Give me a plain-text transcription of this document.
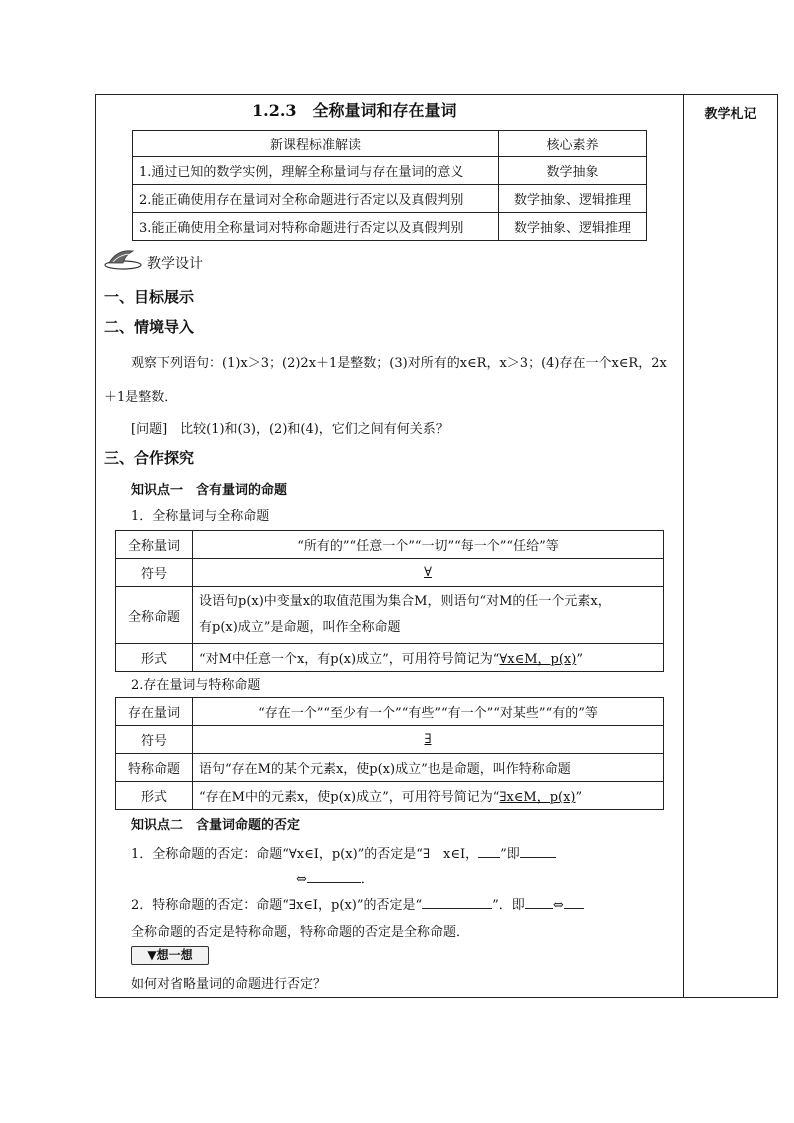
教学札记
1.2.3　全称量词和存在量词
新课程标准解读	核心素养
1.通过已知的数学实例，理解全称量词与存在量词的意义	数学抽象
2.能正确使用存在量词对全称命题进行否定以及真假判别	数学抽象、逻辑推理
3.能正确使用全称量词对特称命题进行否定以及真假判别	数学抽象、逻辑推理
教学设计
一、目标展示
二、情境导入
观察下列语句：(1)x＞3；(2)2x＋1是整数；(3)对所有的x∈R，x＞3；(4)存在一个x∈R，2x
＋1是整数．
[问题]　比较(1)和(3)，(2)和(4)，它们之间有何关系？
三、合作探究
知识点一　含有量词的命题
1．全称量词与全称命题
全称量词	“所有的”“任意一个”“一切”“每一个”“任给”等
符号	∀
全称命题	设语句p(x)中变量x的取值范围为集合M，则语句“对M的任一个元素x，
有p(x)成立”是命题，叫作全称命题

形式	“对M中任意一个x，有p(x)成立”，可用符号简记为“∀x∈M，p(x)”
2.存在量词与特称命题
存在量词	“存在一个”“至少有一个”“有些”“有一个”“对某些”“有的”等
符号	∃
特称命题	语句“存在M的某个元素x，使p(x)成立”也是命题，叫作特称命题
形式	“存在M中的元素x，使p(x)成立”，可用符号简记为“∃x∈M，p(x)”
知识点二　含量词命题的否定
1．全称命题的否定：命题“∀x∈I，p(x)”的否定是“∃　x∈I， ”即
⇔	．
2．特称命题的否定：命题“∃x∈I，p(x)”的否定是“	”．即 ⇔
全称命题的否定是特称命题，特称命题的否定是全称命题．
▼想一想
如何对省略量词的命题进行否定？
